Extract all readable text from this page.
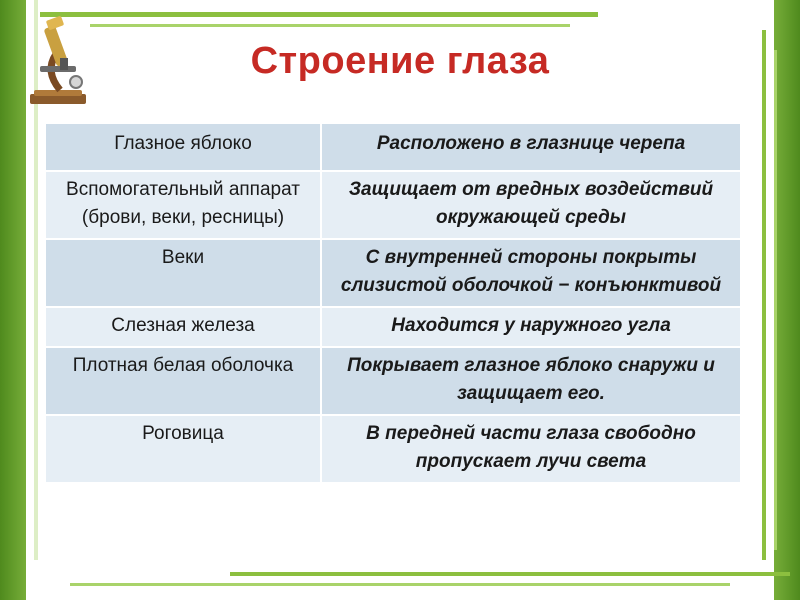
Строение глаза
Глазное яблоко	Расположено в глазнице черепа
Вспомогательный аппарат (брови, веки, ресницы)	Защищает от вредных воздействий окружающей среды
Веки	С внутренней стороны покрыты слизистой оболочкой − конъюнктивой
Слезная железа	Находится у наружного угла
Плотная белая оболочка	Покрывает глазное яблоко снаружи и защищает его.
Роговица	В передней части глаза свободно пропускает лучи света
